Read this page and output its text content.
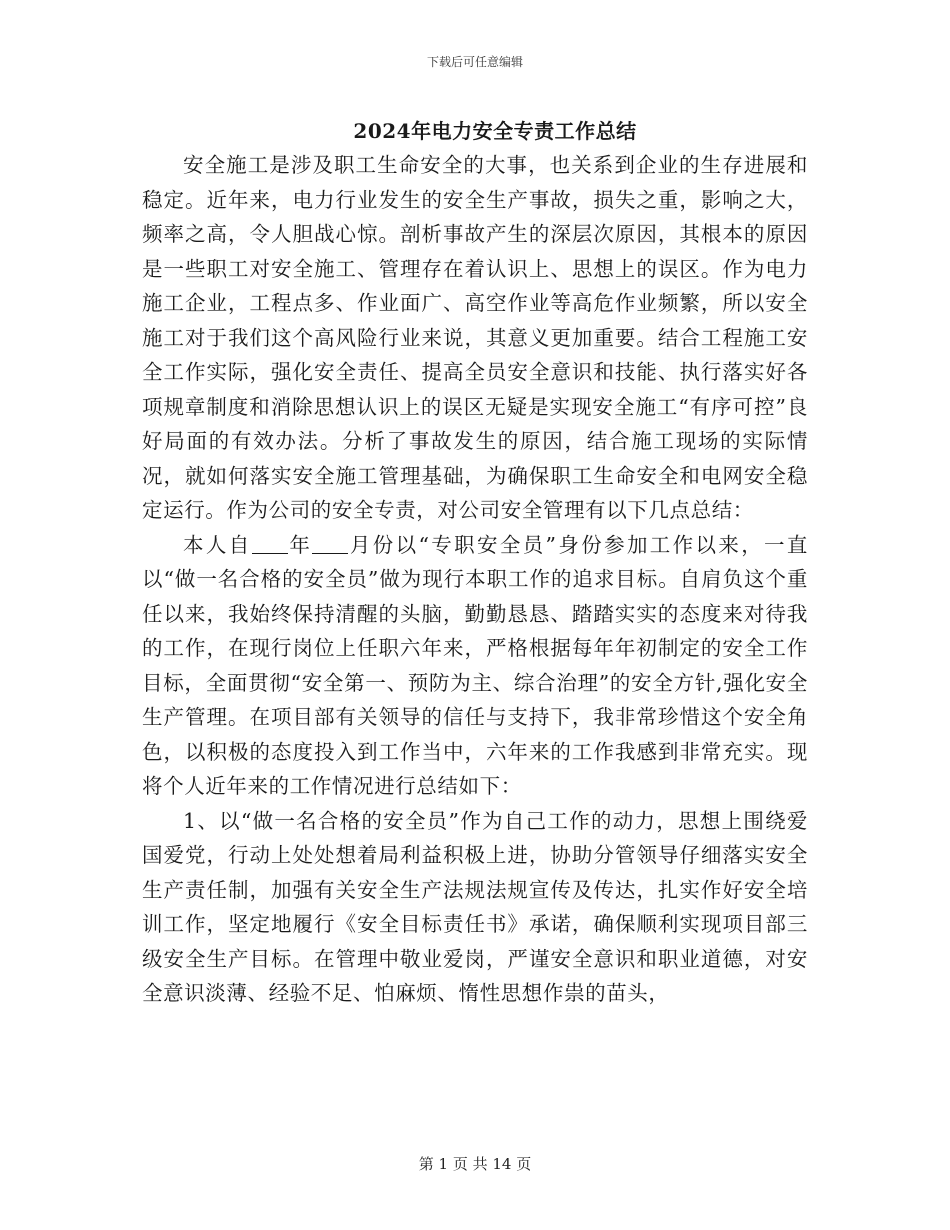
下载后可任意编辑
2024年电力安全专责工作总结

安全施工是涉及职工生命安全的大事，也关系到企业的生存进展和稳定。近年来，电力行业发生的安全生产事故，损失之重，影响之大，频率之高，令人胆战心惊。剖析事故产生的深层次原因，其根本的原因是一些职工对安全施工、管理存在着认识上、思想上的误区。作为电力施工企业，工程点多、作业面广、高空作业等高危作业频繁，所以安全施工对于我们这个高风险行业来说，其意义更加重要。结合工程施工安全工作实际，强化安全责任、提高全员安全意识和技能、执行落实好各项规章制度和消除思想认识上的误区无疑是实现安全施工“有序可控”良好局面的有效办法。分析了事故发生的原因，结合施工现场的实际情况，就如何落实安全施工管理基础，为确保职工生命安全和电网安全稳定运行。作为公司的安全专责，对公司安全管理有以下几点总结：

本人自 年 月份以“专职安全员”身份参加工作以来，一直以“做一名合格的安全员”做为现行本职工作的追求目标。自肩负这个重任以来，我始终保持清醒的头脑，勤勤恳恳、踏踏实实的态度来对待我的工作，在现行岗位上任职六年来，严格根据每年年初制定的安全工作目标，全面贯彻“安全第一、预防为主、综合治理”的安全方针,强化安全生产管理。在项目部有关领导的信任与支持下，我非常珍惜这个安全角色，以积极的态度投入到工作当中，六年来的工作我感到非常充实。现将个人近年来的工作情况进行总结如下：

1、以“做一名合格的安全员”作为自己工作的动力，思想上围绕爱国爱党，行动上处处想着局利益积极上进，协助分管领导仔细落实安全生产责任制，加强有关安全生产法规法规宣传及传达，扎实作好安全培训工作，坚定地履行《安全目标责任书》承诺，确保顺利实现项目部三级安全生产目标。在管理中敬业爱岗，严谨安全意识和职业道德，对安全意识淡薄、经验不足、怕麻烦、惰性思想作祟的苗头，

第 1 页 共 14 页
